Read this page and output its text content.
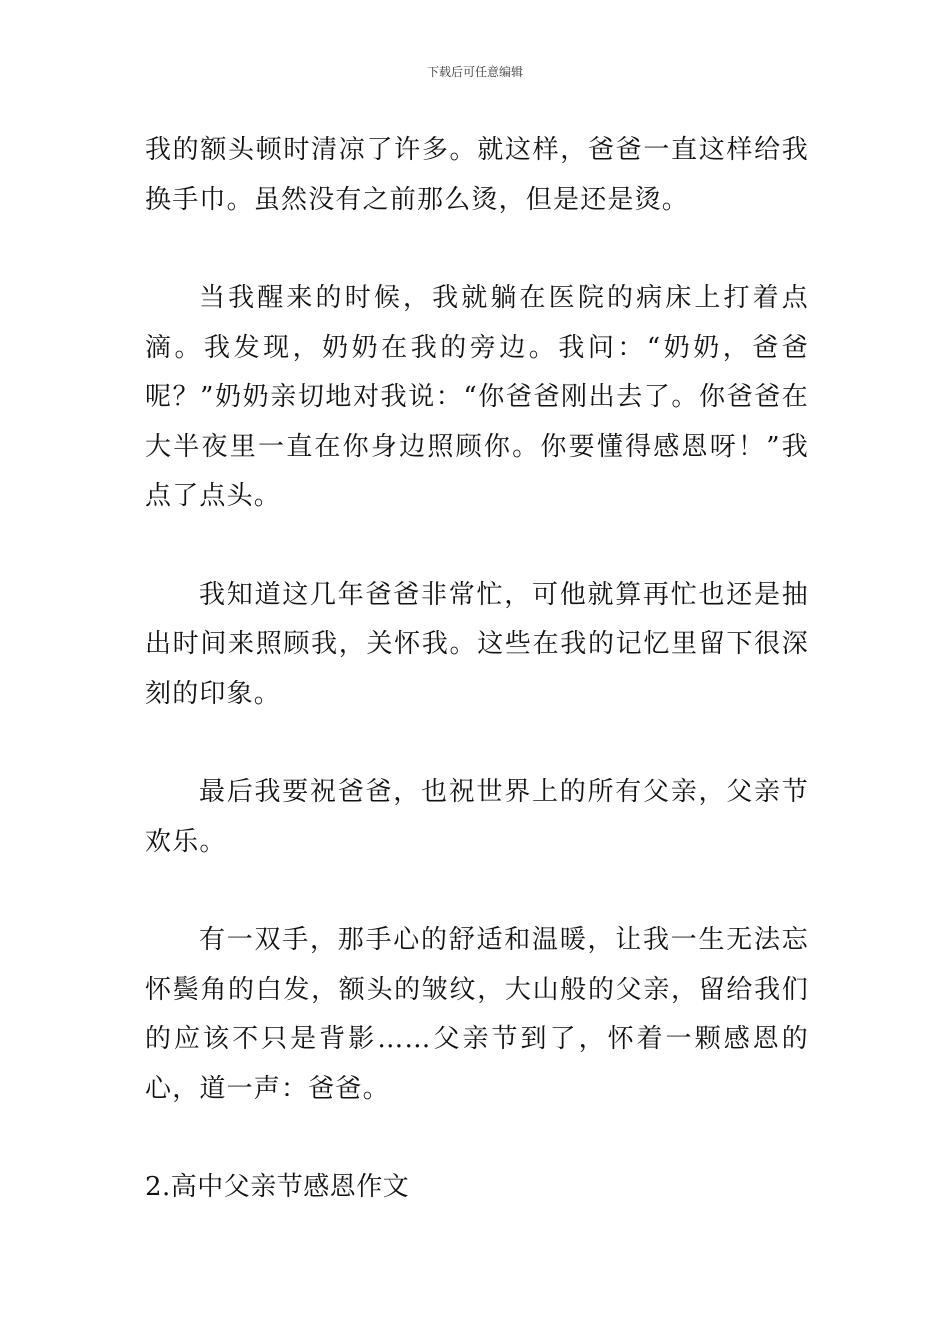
下载后可任意编辑

我的额头顿时清凉了许多。就这样，爸爸一直这样给我换手巾。虽然没有之前那么烫，但是还是烫。

当我醒来的时候，我就躺在医院的病床上打着点滴。我发现，奶奶在我的旁边。我问：“奶奶，爸爸呢？”奶奶亲切地对我说：“你爸爸刚出去了。你爸爸在大半夜里一直在你身边照顾你。你要懂得感恩呀！”我点了点头。

我知道这几年爸爸非常忙，可他就算再忙也还是抽出时间来照顾我，关怀我。这些在我的记忆里留下很深刻的印象。

最后我要祝爸爸，也祝世界上的所有父亲，父亲节欢乐。

有一双手，那手心的舒适和温暖，让我一生无法忘怀鬓角的白发，额头的皱纹，大山般的父亲，留给我们的应该不只是背影……父亲节到了，怀着一颗感恩的心，道一声：爸爸。

2.高中父亲节感恩作文
